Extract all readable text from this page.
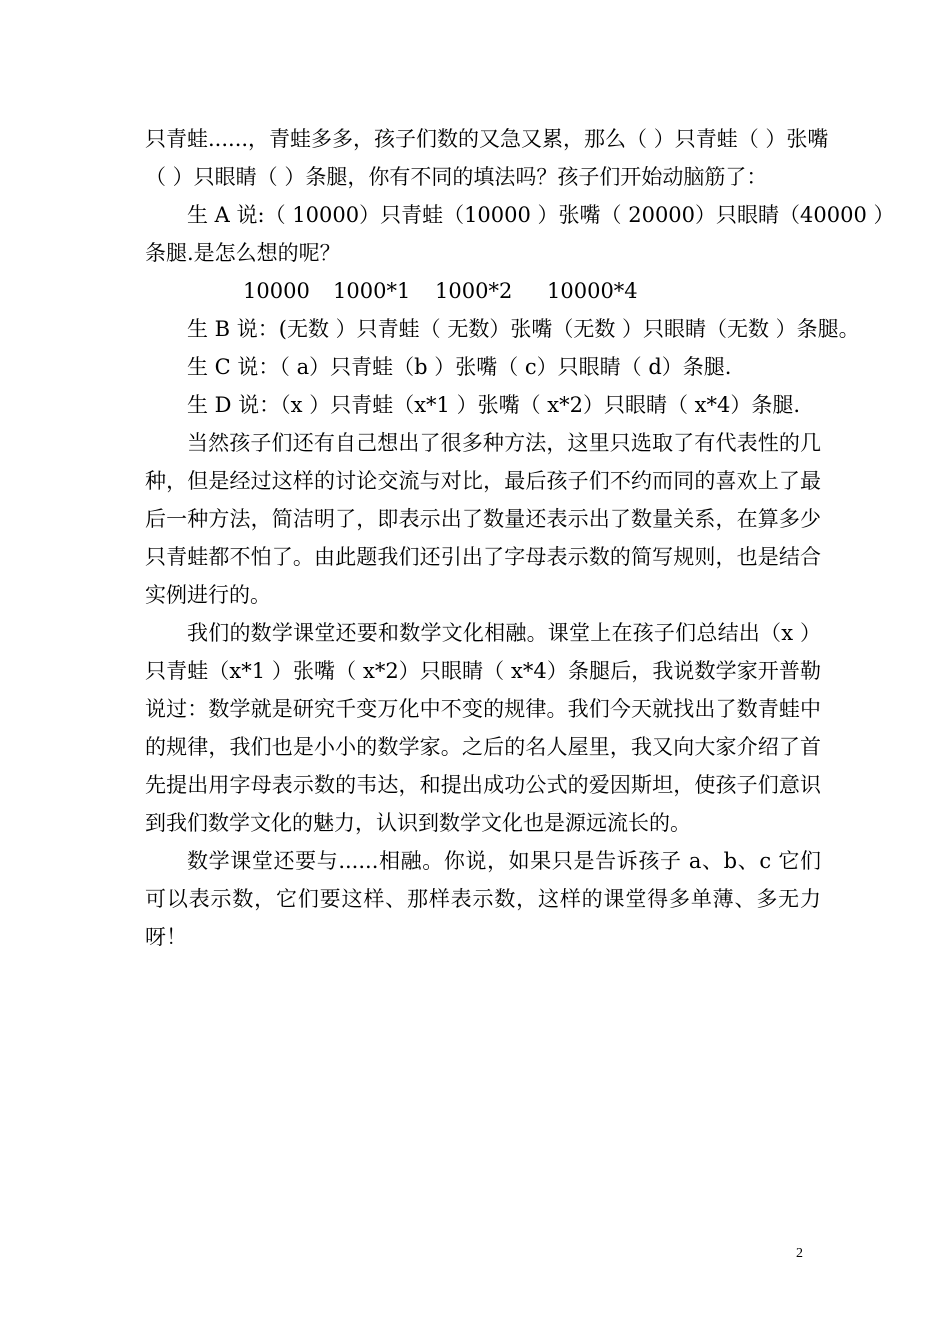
只青蛙......，青蛙多多，孩子们数的又急又累，那么（ ）只青蛙（ ）张嘴
（ ）只眼睛（ ）条腿，你有不同的填法吗？孩子们开始动脑筋了：
生 A 说:（ 10000）只青蛙（10000 ）张嘴（ 20000）只眼睛（40000 ）
条腿.是怎么想的呢？
10000 1000*1 1000*2 10000*4
生 B 说：(无数 ）只青蛙（ 无数）张嘴（无数 ）只眼睛（无数 ）条腿。
生 C 说：（ a）只青蛙（b ）张嘴（ c）只眼睛（ d）条腿.
生 D 说：（x ）只青蛙（x*1 ）张嘴（ x*2）只眼睛（ x*4）条腿.

当然孩子们还有自己想出了很多种方法，这里只选取了有代表性的几种，但是经过这样的讨论交流与对比，最后孩子们不约而同的喜欢上了最后一种方法，简洁明了，即表示出了数量还表示出了数量关系，在算多少只青蛙都不怕了。由此题我们还引出了字母表示数的简写规则，也是结合实例进行的。

我们的数学课堂还要和数学文化相融。课堂上在孩子们总结出（x ）只青蛙（x*1 ）张嘴（ x*2）只眼睛（ x*4）条腿后，我说数学家开普勒说过：数学就是研究千变万化中不变的规律。我们今天就找出了数青蛙中的规律，我们也是小小的数学家。之后的名人屋里，我又向大家介绍了首先提出用字母表示数的韦达，和提出成功公式的爱因斯坦，使孩子们意识到我们数学文化的魅力，认识到数学文化也是源远流长的。

数学课堂还要与......相融。你说，如果只是告诉孩子 a、b、c 它们可以表示数，它们要这样、那样表示数，这样的课堂得多单薄、多无力呀！

2
